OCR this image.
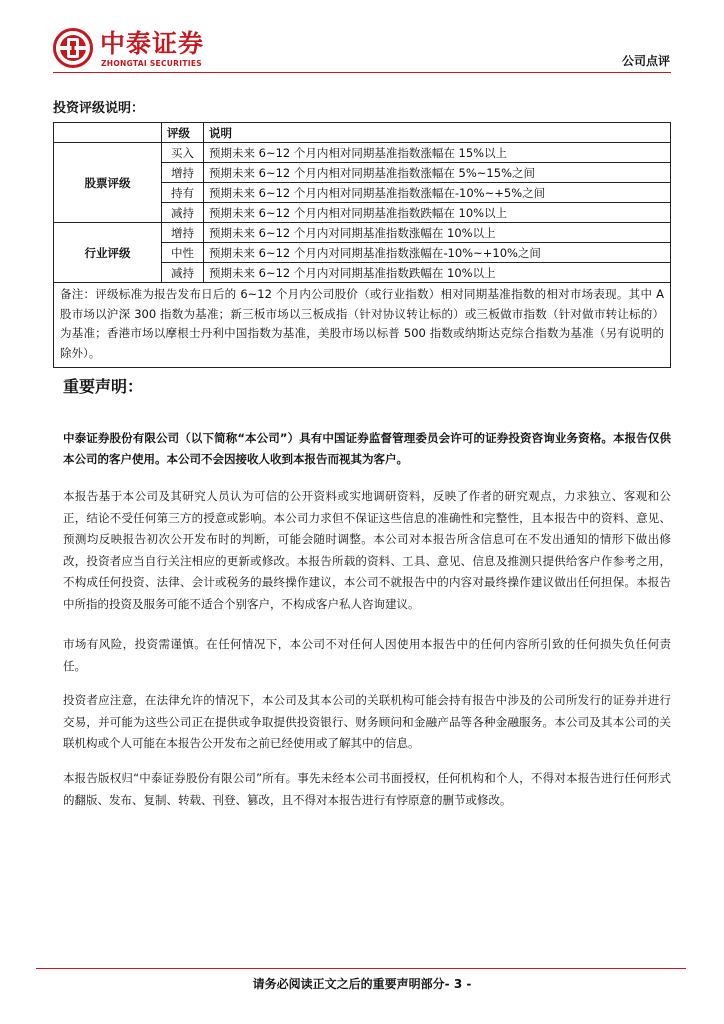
中泰证券
ZHONGTAI SECURITIES	公司点评
投资评级说明：
	评级	说明
股票评级	买入	预期未来 6~12 个月内相对同期基准指数涨幅在 15%以上
	增持	预期未来 6~12 个月内相对同期基准指数涨幅在 5%~15%之间
	持有	预期未来 6~12 个月内相对同期基准指数涨幅在-10%~+5%之间
	减持	预期未来 6~12 个月内相对同期基准指数跌幅在 10%以上
行业评级	增持	预期未来 6~12 个月内对同期基准指数涨幅在 10%以上
	中性	预期未来 6~12 个月内对同期基准指数涨幅在-10%~+10%之间
	减持	预期未来 6~12 个月内对同期基准指数跌幅在 10%以上
备注：评级标准为报告发布日后的 6~12 个月内公司股价（或行业指数）相对同期基准指数的相对市场表现。其中 A 股市场以沪深 300 指数为基准；新三板市场以三板成指（针对协议转让标的）或三板做市指数（针对做市转让标的）为基准；香港市场以摩根士丹利中国指数为基准，美股市场以标普 500 指数或纳斯达克综合指数为基准（另有说明的除外）。		
重要声明：
中泰证券股份有限公司（以下简称“本公司”）具有中国证券监督管理委员会许可的证券投资咨询业务资格。本报告仅供本公司的客户使用。本公司不会因接收人收到本报告而视其为客户。
本报告基于本公司及其研究人员认为可信的公开资料或实地调研资料，反映了作者的研究观点，力求独立、客观和公正，结论不受任何第三方的授意或影响。本公司力求但不保证这些信息的准确性和完整性，且本报告中的资料、意见、预测均反映报告初次公开发布时的判断，可能会随时调整。本公司对本报告所含信息可在不发出通知的情形下做出修改，投资者应当自行关注相应的更新或修改。本报告所载的资料、工具、意见、信息及推测只提供给客户作参考之用，不构成任何投资、法律、会计或税务的最终操作建议，本公司不就报告中的内容对最终操作建议做出任何担保。本报告中所指的投资及服务可能不适合个别客户，不构成客户私人咨询建议。
市场有风险，投资需谨慎。在任何情况下，本公司不对任何人因使用本报告中的任何内容所引致的任何损失负任何责任。
投资者应注意，在法律允许的情况下，本公司及其本公司的关联机构可能会持有报告中涉及的公司所发行的证券并进行交易，并可能为这些公司正在提供或争取提供投资银行、财务顾问和金融产品等各种金融服务。本公司及其本公司的关联机构或个人可能在本报告公开发布之前已经使用或了解其中的信息。
本报告版权归“中泰证券股份有限公司”所有。事先未经本公司书面授权，任何机构和个人，不得对本报告进行任何形式的翻版、发布、复制、转载、刊登、篡改，且不得对本报告进行有悖原意的删节或修改。
请务必阅读正文之后的重要声明部分- 3 -
